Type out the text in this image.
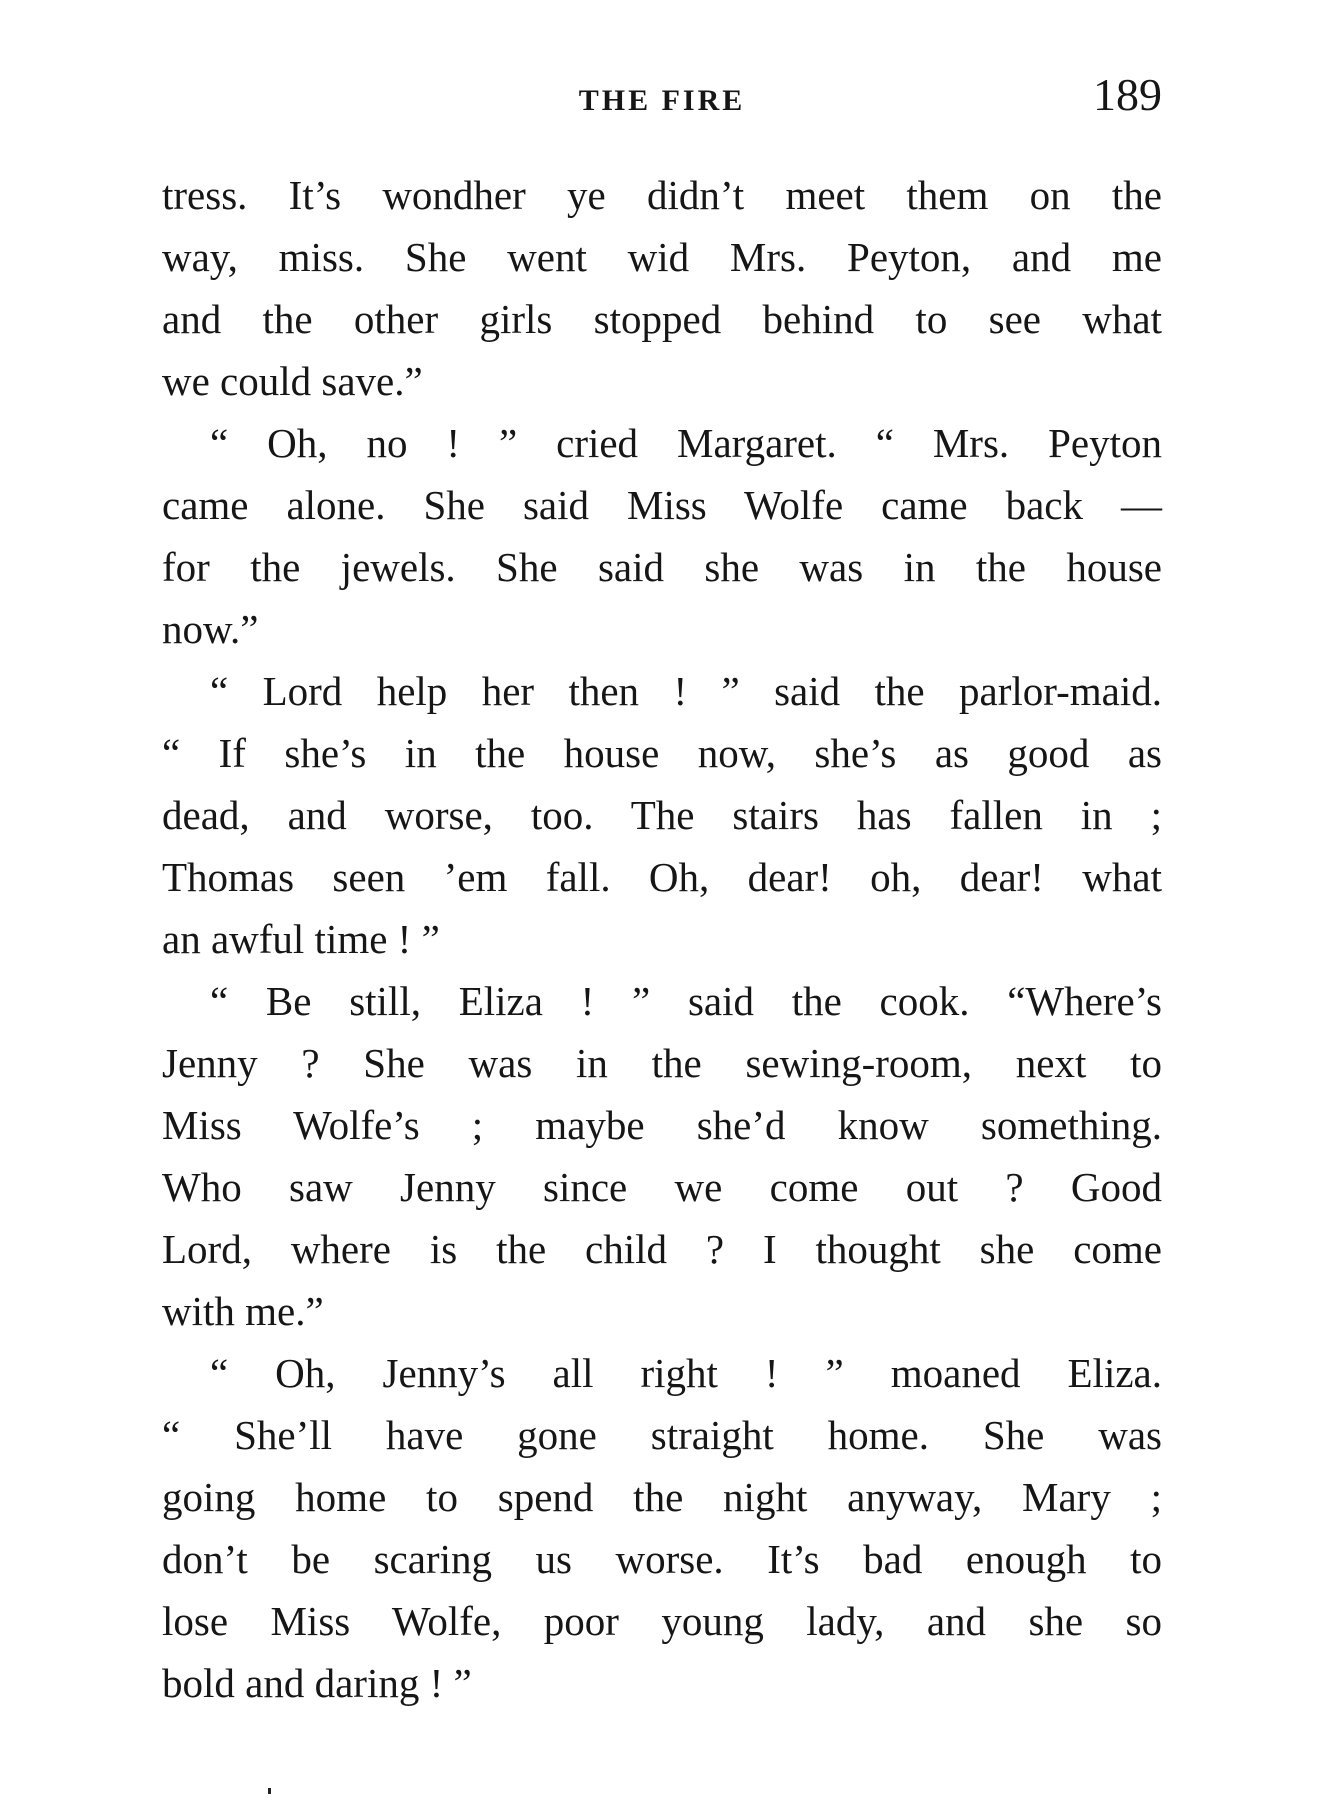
THE FIRE	189
tress. It’s wondher ye didn’t meet them on the
way, miss. She went wid Mrs. Peyton, and me
and the other girls stopped behind to see what
we could save.”
“ Oh, no ! ” cried Margaret. “ Mrs. Peyton
came alone. She said Miss Wolfe came back —
for the jewels. She said she was in the house
now.”
“ Lord help her then ! ” said the parlor-maid.
“ If she’s in the house now, she’s as good as
dead, and worse, too. The stairs has fallen in ;
Thomas seen ’em fall. Oh, dear! oh, dear! what
an awful time ! ”
“ Be still, Eliza ! ” said the cook. “Where’s
Jenny ? She was in the sewing-room, next to
Miss Wolfe’s ; maybe she’d know something.
Who saw Jenny since we come out ? Good
Lord, where is the child ? I thought she come
with me.”
“ Oh, Jenny’s all right ! ” moaned Eliza.
“ She’ll have gone straight home. She was
going home to spend the night anyway, Mary ;
don’t be scaring us worse. It’s bad enough to
lose Miss Wolfe, poor young lady, and she so
bold and daring ! ”
